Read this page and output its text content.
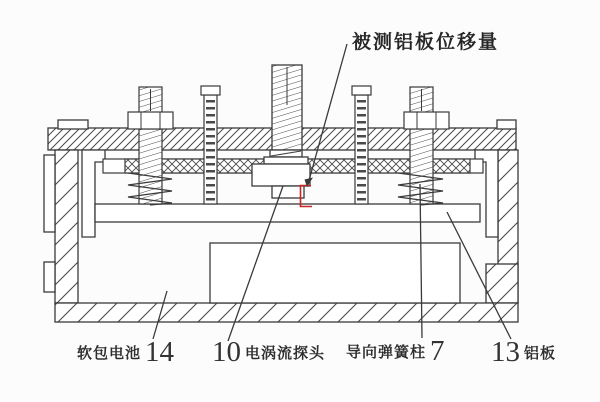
被测铝板位移量
软包电池 14 10 电涡流探头 导向弹簧柱 7 13 铝板
